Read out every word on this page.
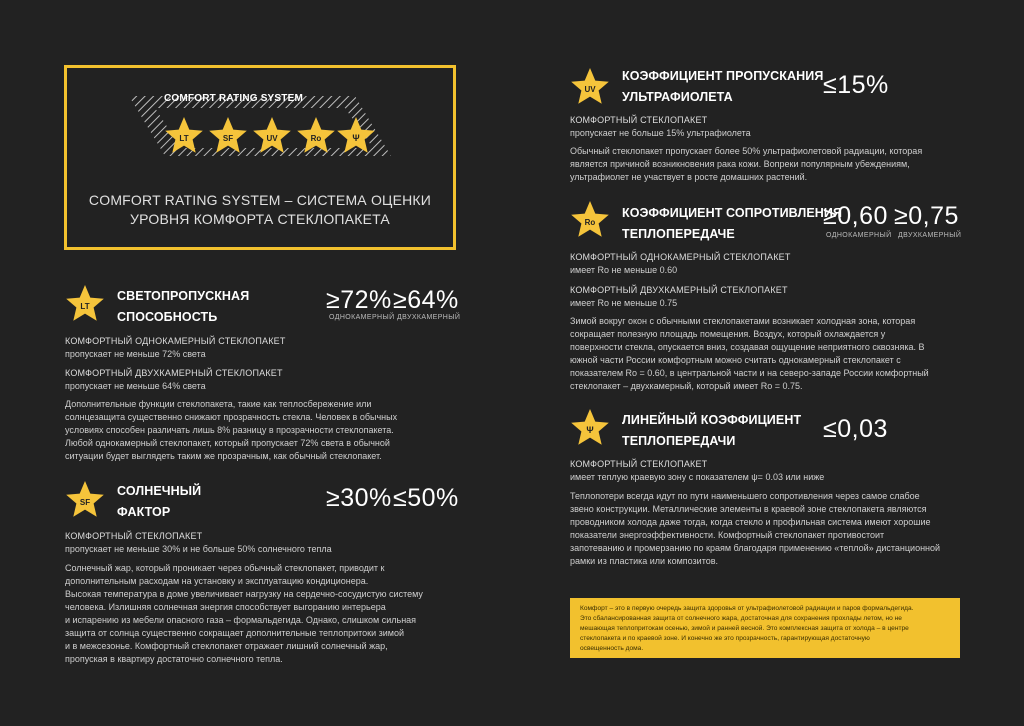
COMFORT RATING SYSTEM
LT	SF	UV	Ro	Ψ
COMFORT RATING SYSTEM – СИСТЕМА ОЦЕНКИ
УРОВНЯ КОМФОРТА СТЕКЛОПАКЕТА
LT
СВЕТОПРОПУСКНАЯ
СПОСОБНОСТЬ
≥72%
ОДНОКАМЕРНЫЙ
≥64%
ДВУХКАМЕРНЫЙ
КОМФОРТНЫЙ ОДНОКАМЕРНЫЙ СТЕКЛОПАКЕТ
пропускает не меньше 72% света
КОМФОРТНЫЙ ДВУХКАМЕРНЫЙ СТЕКЛОПАКЕТ
пропускает не меньше 64% света
Дополнительные функции стеклопакета, такие как теплосбережение или
солнцезащита существенно снижают прозрачность стекла. Человек в обычных
условиях способен различать лишь 8% разницу в прозрачности стеклопакета.
Любой однокамерный стеклопакет, который пропускает 72% света в обычной
ситуации будет выглядеть таким же прозрачным, как обычный стеклопакет.
SF
СОЛНЕЧНЫЙ
ФАКТОР	≥30% ≤50%
КОМФОРТНЫЙ СТЕКЛОПАКЕТ
пропускает не меньше 30% и не больше 50% солнечного тепла
Солнечный жар, который проникает через обычный стеклопакет, приводит к
дополнительным расходам на установку и эксплуатацию кондиционера.
Высокая температура в доме увеличивает нагрузку на сердечно-сосудистую систему
человека. Излишняя солнечная энергия способствует выгоранию интерьера
и испарению из мебели опасного газа – формальдегида. Однако, слишком сильная
защита от солнца существенно сокращает дополнительные теплопритоки зимой
и в межсезонье. Комфортный стеклопакет отражает лишний солнечный жар,
пропуская в квартиру достаточно солнечного тепла.
UV
КОЭФФИЦИЕНТ ПРОПУСКАНИЯ
УЛЬТРАФИОЛЕТА	≤15%
КОМФОРТНЫЙ СТЕКЛОПАКЕТ
пропускает не больше 15% ультрафиолета
Обычный стеклопакет пропускает более 50% ультрафиолетовой радиации, которая
является причиной возникновения рака кожи. Вопреки популярным убеждениям,
ультрафиолет не участвует в росте домашних растений.
Ro
КОЭФФИЦИЕНТ СОПРОТИВЛЕНИЯ
ТЕПЛОПЕРЕДАЧЕ
≥0,60
ОДНОКАМЕРНЫЙ
≥0,75
ДВУХКАМЕРНЫЙ
КОМФОРТНЫЙ ОДНОКАМЕРНЫЙ СТЕКЛОПАКЕТ
имеет Ro не меньше 0.60
КОМФОРТНЫЙ ДВУХКАМЕРНЫЙ СТЕКЛОПАКЕТ
имеет Ro не меньше 0.75
Зимой вокруг окон с обычными стеклопакетами возникает холодная зона, которая
сокращает полезную площадь помещения. Воздух, который охлаждается у
поверхности стекла, опускается вниз, создавая ощущение неприятного сквозняка. В
южной части России комфортным можно считать однокамерный стеклопакет с
показателем Ro = 0.60, в центральной части и на северо-западе России комфортный
стеклопакет – двухкамерный, который имеет Ro = 0.75.
Ψ
ЛИНЕЙНЫЙ КОЭФФИЦИЕНТ
ТЕПЛОПЕРЕДАЧИ	≤0,03
КОМФОРТНЫЙ СТЕКЛОПАКЕТ
имеет теплую краевую зону с показателем ψ= 0.03 или ниже
Теплопотери всегда идут по пути наименьшего сопротивления через самое слабое
звено конструкции. Металлические элементы в краевой зоне стеклопакета являются
проводником холода даже тогда, когда стекло и профильная система имеют хорошие
показатели энергоэффективности. Комфортный стеклопакет противостоит
запотеванию и промерзанию по краям благодаря применению «теплой» дистанционной
рамки из пластика или композитов.
Комфорт – это в первую очередь защита здоровья от ультрафиолетовой радиации и паров формальдегида.
Это сбалансированная защита от солнечного жара, достаточная для сохранения прохлады летом, но не
мешающая теплопритокам осенью, зимой и ранней весной. Это комплексная защита от холода – в центре
стеклопакета и по краевой зоне. И конечно же это прозрачность, гарантирующая достаточную
освещенность дома.
